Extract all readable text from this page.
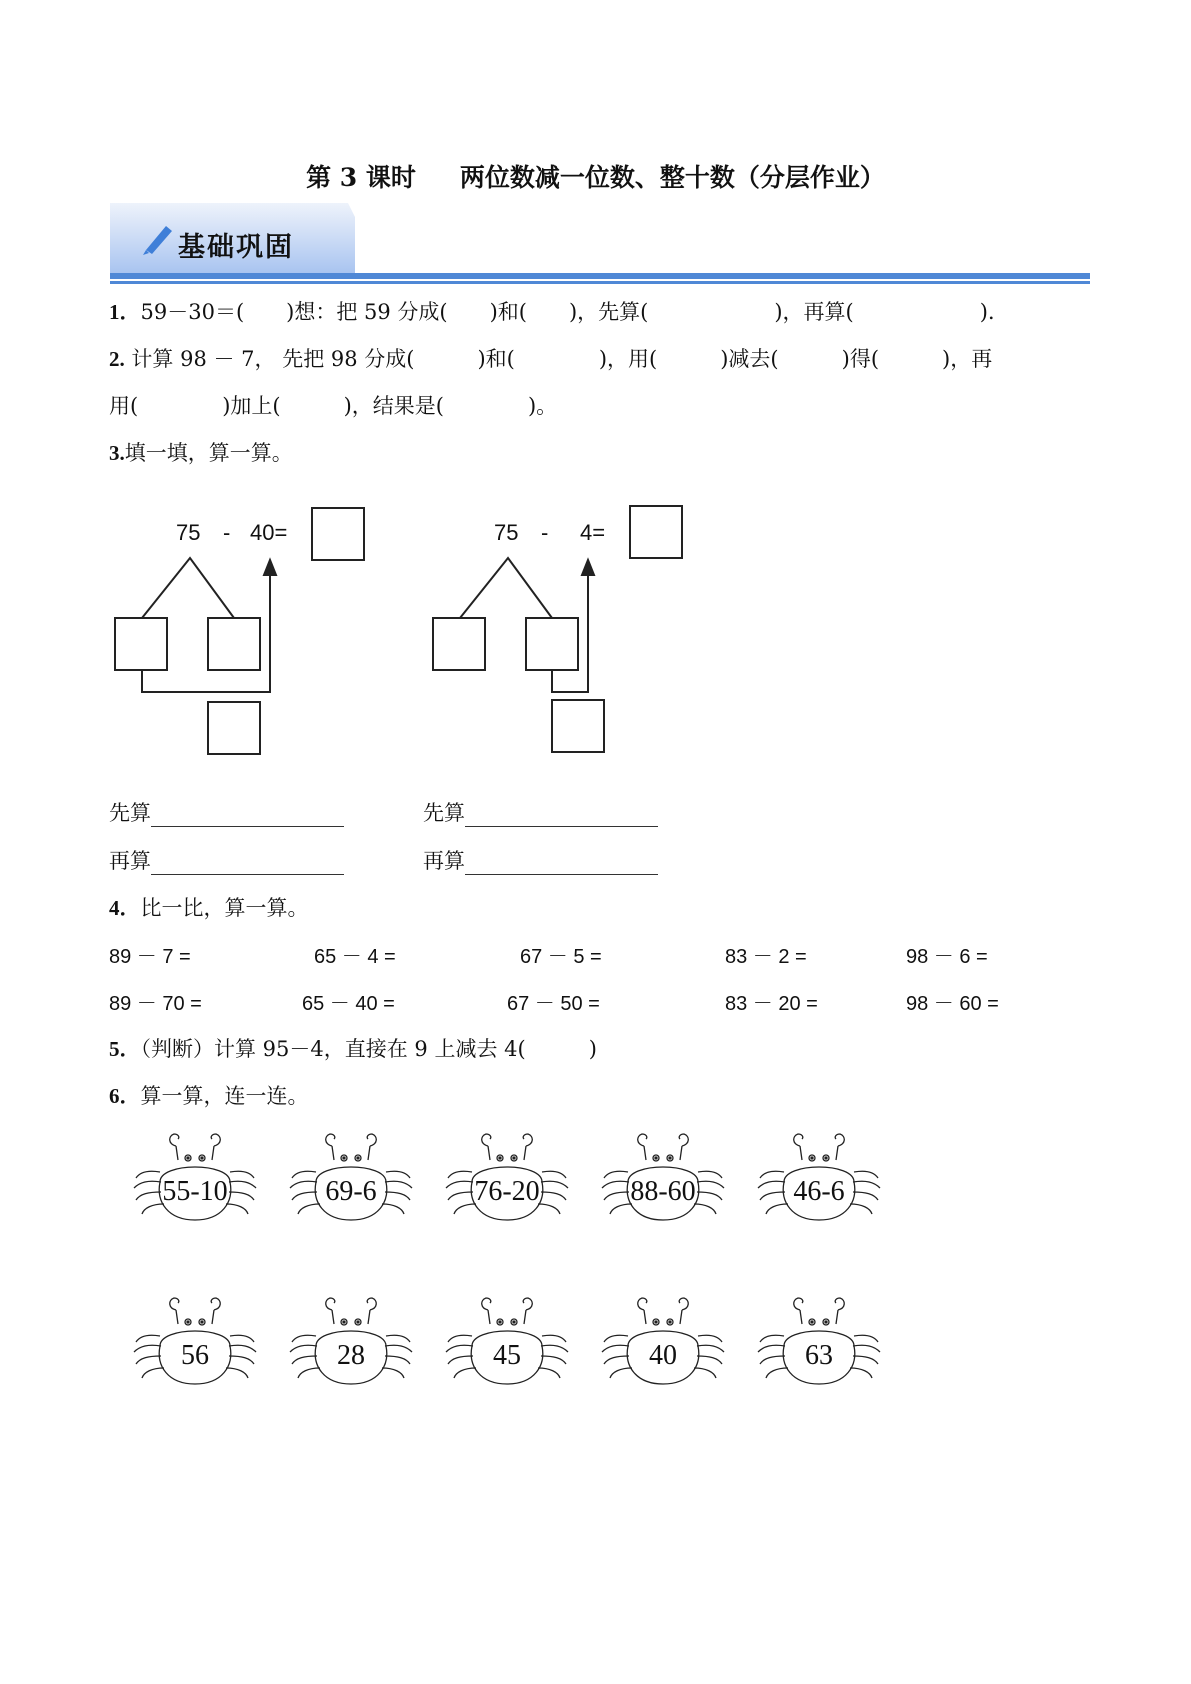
第 3 课时 两位数减一位数、整十数（分层作业）
基础巩固
1．59－30＝(　　)想：把 59 分成(　　)和(　　)，先算(　　　　　　)，再算(　　　　　　)．
2. 计算 98 － 7， 先把 98 分成(　　　)和(　　　　)，用(　　　)减去(　　　)得(　　　)，再
用(　　　　)加上(　　　)，结果是(　　　　)。
3.填一填，算一算。
75 - 40=	75 - 4=
先算	先算
再算	再算
4．比一比，算一算。
89 － 7 =	65 － 4 =	67 － 5 =	83 － 2 =	98 － 6 =
89 － 70 =	65 － 40 =	67 － 50 =	83 － 20 =	98 － 60 =
5．（判断）计算 95－4，直接在 9 上减去 4(　　　)
6．算一算，连一连。
55-10	69-6	76-20	88-60	46-6
56	28	45	40	63
